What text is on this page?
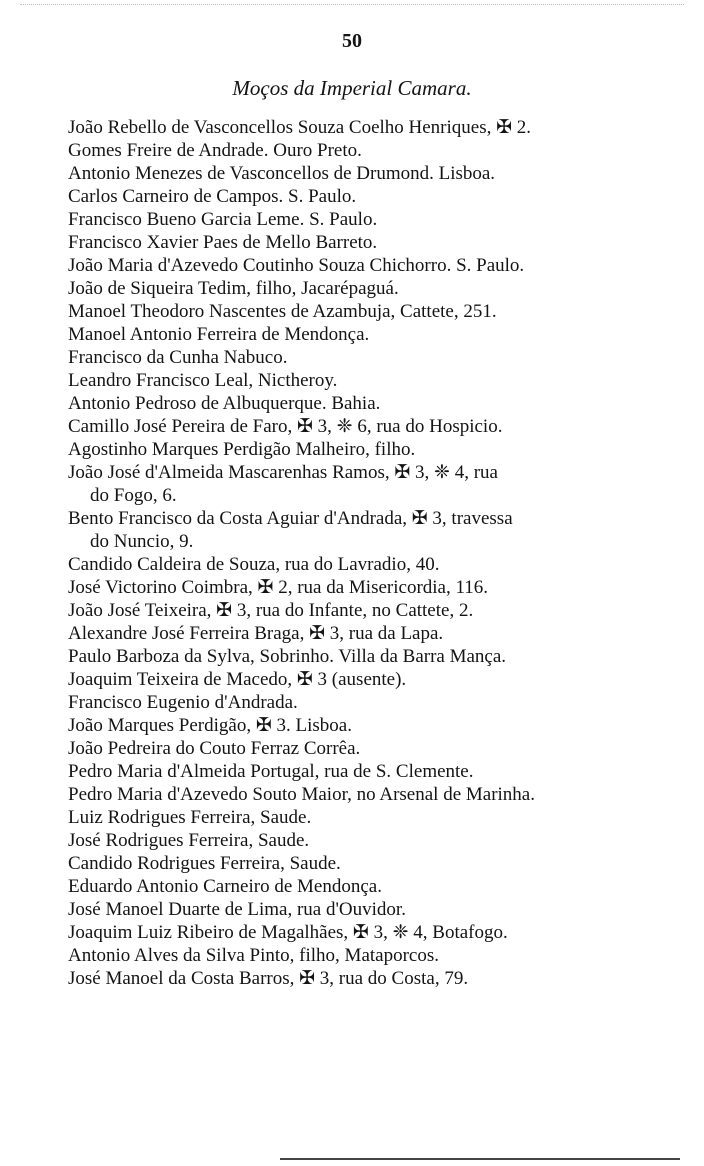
50
Moços da Imperial Camara.
João Rebello de Vasconcellos Souza Coelho Henriques, ✠ 2.
Gomes Freire de Andrade. Ouro Preto.
Antonio Menezes de Vasconcellos de Drumond. Lisboa.
Carlos Carneiro de Campos. S. Paulo.
Francisco Bueno Garcia Leme. S. Paulo.
Francisco Xavier Paes de Mello Barreto.
João Maria d'Azevedo Coutinho Souza Chichorro. S. Paulo.
João de Siqueira Tedim, filho, Jacarépaguá.
Manoel Theodoro Nascentes de Azambuja, Cattete, 251.
Manoel Antonio Ferreira de Mendonça.
Francisco da Cunha Nabuco.
Leandro Francisco Leal, Nictheroy.
Antonio Pedroso de Albuquerque. Bahia.
Camillo José Pereira de Faro, ✠ 3, ❈ 6, rua do Hospicio.
Agostinho Marques Perdigão Malheiro, filho.
João José d'Almeida Mascarenhas Ramos, ✠ 3, ❈ 4, rua
do Fogo, 6.
Bento Francisco da Costa Aguiar d'Andrada, ✠ 3, travessa
do Nuncio, 9.
Candido Caldeira de Souza, rua do Lavradio, 40.
José Victorino Coimbra, ✠ 2, rua da Misericordia, 116.
João José Teixeira, ✠ 3, rua do Infante, no Cattete, 2.
Alexandre José Ferreira Braga, ✠ 3, rua da Lapa.
Paulo Barboza da Sylva, Sobrinho. Villa da Barra Mança.
Joaquim Teixeira de Macedo, ✠ 3 (ausente).
Francisco Eugenio d'Andrada.
João Marques Perdigão, ✠ 3. Lisboa.
João Pedreira do Couto Ferraz Corrêa.
Pedro Maria d'Almeida Portugal, rua de S. Clemente.
Pedro Maria d'Azevedo Souto Maior, no Arsenal de Marinha.
Luiz Rodrigues Ferreira, Saude.
José Rodrigues Ferreira, Saude.
Candido Rodrigues Ferreira, Saude.
Eduardo Antonio Carneiro de Mendonça.
José Manoel Duarte de Lima, rua d'Ouvidor.
Joaquim Luiz Ribeiro de Magalhães, ✠ 3, ❈ 4, Botafogo.
Antonio Alves da Silva Pinto, filho, Mataporcos.
José Manoel da Costa Barros, ✠ 3, rua do Costa, 79.
